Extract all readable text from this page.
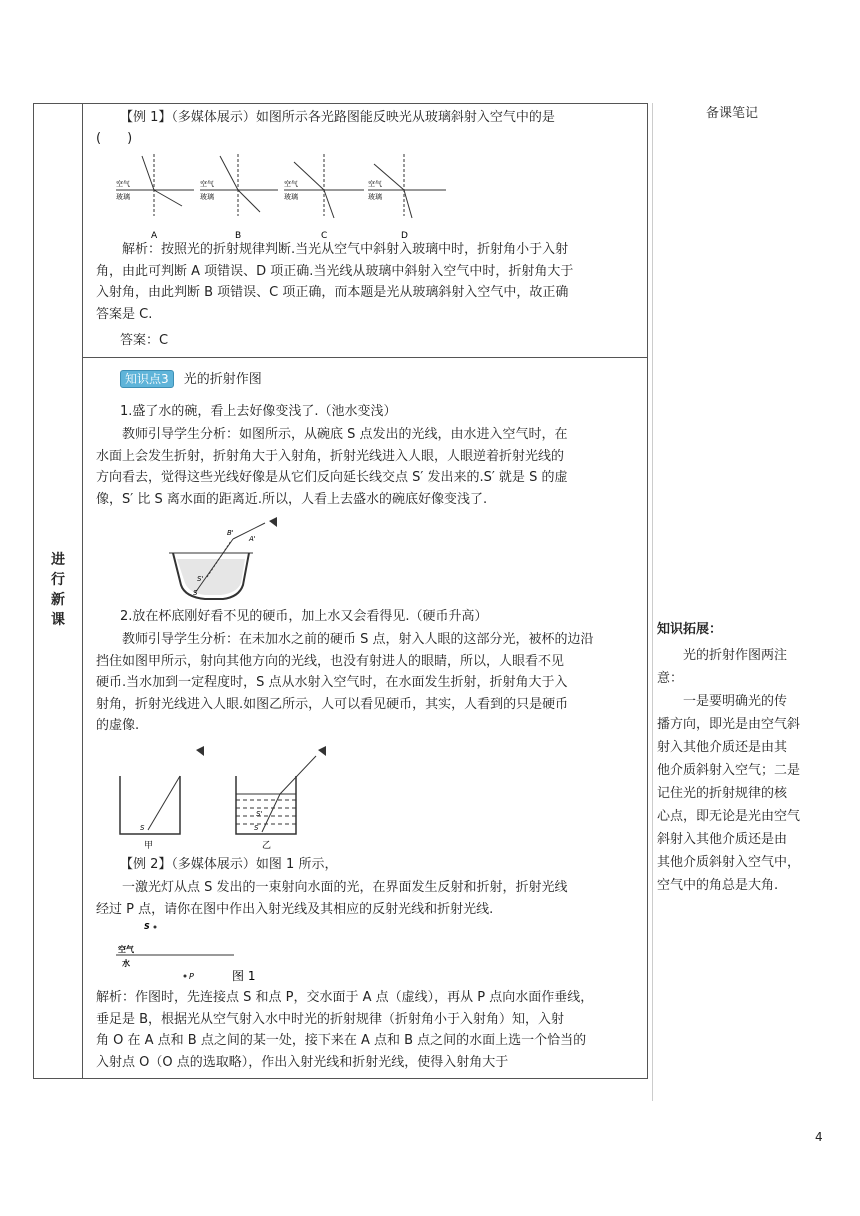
进
行
新
课
备课笔记
【例 1】（多媒体展示）如图所示各光路图能反映光从玻璃斜射入空气中的是
(　　)
空气
玻璃
A
空气
玻璃
B
空气
玻璃
C
空气
玻璃
D
解析：按照光的折射规律判断.当光从空气中斜射入玻璃中时，折射角小于入射
角，由此可判断 A 项错误、D 项正确.当光线从玻璃中斜射入空气中时，折射角大于
入射角，由此判断 B 项错误、C 项正确，而本题是光从玻璃斜射入空气中，故正确
答案是 C.
答案：C
知识点3 光的折射作图
1.盛了水的碗，看上去好像变浅了.（池水变浅）
教师引导学生分析：如图所示，从碗底 S 点发出的光线，由水进入空气时，在
水面上会发生折射，折射角大于入射角，折射光线进入人眼，人眼逆着折射光线的
方向看去，觉得这些光线好像是从它们反向延长线交点 S′ 发出来的.S′ 就是 S 的虚
像，S′ 比 S 离水面的距离近.所以，人看上去盛水的碗底好像变浅了.
B'
A'
S'
S
2.放在杯底刚好看不见的硬币，加上水又会看得见.（硬币升高）
教师引导学生分析：在未加水之前的硬币 S 点，射入人眼的这部分光，被杯的边沿
挡住如图甲所示，射向其他方向的光线，也没有射进人的眼睛，所以，人眼看不见
硬币.当水加到一定程度时，S 点从水射入空气时，在水面发生折射，折射角大于入
射角，折射光线进入人眼.如图乙所示，人可以看见硬币，其实，人看到的只是硬币
的虚像.
S
甲
S'
S
乙
【例 2】（多媒体展示）如图 1 所示，
一激光灯从点 S 发出的一束射向水面的光，在界面发生反射和折射，折射光线
经过 P 点，请你在图中作出入射光线及其相应的反射光线和折射光线.
S
空气
水
P	图 1
解析：作图时，先连接点 S 和点 P，交水面于 A 点（虚线），再从 P 点向水面作垂线，
垂足是 B，根据光从空气射入水中时光的折射规律（折射角小于入射角）知，入射
角 O 在 A 点和 B 点之间的某一处，接下来在 A 点和 B 点之间的水面上选一个恰当的
入射点 O（O 点的选取略），作出入射光线和折射光线，使得入射角大于
知识拓展：
光的折射作图两注
意：
一是要明确光的传
播方向，即光是由空气斜
射入其他介质还是由其
他介质斜射入空气；二是
记住光的折射规律的核
心点，即无论是光由空气
斜射入其他介质还是由
其他介质斜射入空气中，
空气中的角总是大角.
4
